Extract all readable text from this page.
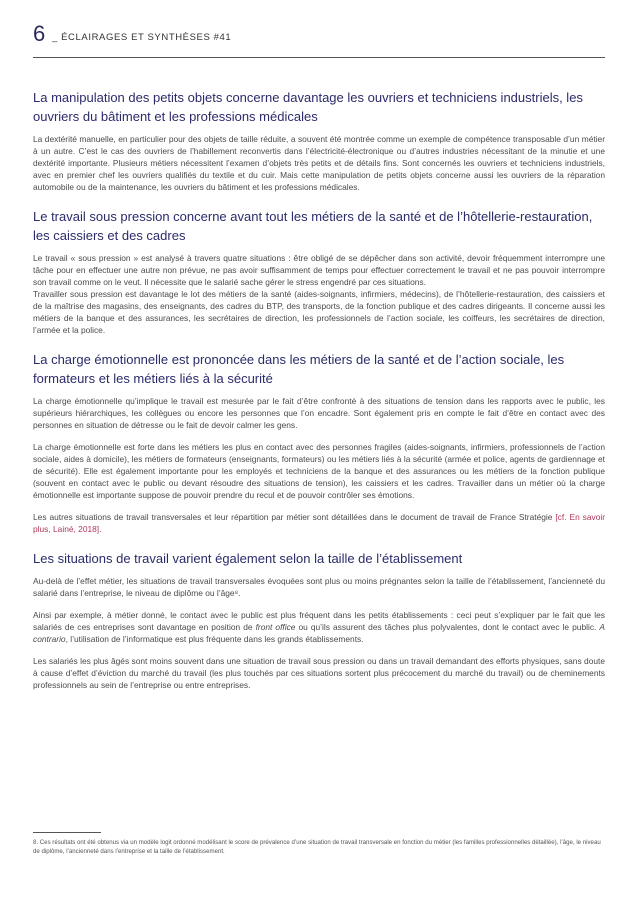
6 _ ÉCLAIRAGES ET SYNTHÈSES #41
La manipulation des petits objets concerne davantage les ouvriers et techniciens industriels, les ouvriers du bâtiment et les professions médicales

La dextérité manuelle, en particulier pour des objets de taille réduite, a souvent été montrée comme un exemple de compétence transposable d’un métier à un autre. C’est le cas des ouvriers de l’habillement reconvertis dans l’électricité-électronique ou d’autres industries nécessitant de la minutie et une dextérité importante. Plusieurs métiers nécessitent l’examen d’objets très petits et de détails fins. Sont concernés les ouvriers et techniciens industriels, avec en premier chef les ouvriers qualifiés du textile et du cuir. Mais cette manipulation de petits objets concerne aussi les ouvriers de la réparation automobile ou de la maintenance, les ouvriers du bâtiment et les professions médicales.

Le travail sous pression concerne avant tout les métiers de la santé et de l’hôtellerie-restauration, les caissiers et des cadres

Le travail « sous pression » est analysé à travers quatre situations : être obligé de se dépêcher dans son activité, devoir fréquemment interrompre une tâche pour en effectuer une autre non prévue, ne pas avoir suffisamment de temps pour effectuer correctement le travail et ne pas pouvoir interrompre son travail comme on le veut. Il nécessite que le salarié sache gérer le stress engendré par ces situations.

Travailler sous pression est davantage le lot des métiers de la santé (aides-soignants, infirmiers, médecins), de l’hôtellerie-restauration, des caissiers et de la maîtrise des magasins, des enseignants, des cadres du BTP, des transports, de la fonction publique et des cadres dirigeants. Il concerne aussi les métiers de la banque et des assurances, les secrétaires de direction, les professionnels de l’action sociale, les coiffeurs, les secrétaires de direction, l’armée et la police.

La charge émotionnelle est prononcée dans les métiers de la santé et de l’action sociale, les formateurs et les métiers liés à la sécurité

La charge émotionnelle qu’implique le travail est mesurée par le fait d’être confronté à des situations de tension dans les rapports avec le public, les supérieurs hiérarchiques, les collègues ou encore les personnes que l’on encadre. Sont également pris en compte le fait d’être en contact avec des personnes en situation de détresse ou le fait de devoir calmer les gens.

La charge émotionnelle est forte dans les métiers les plus en contact avec des personnes fragiles (aides-soignants, infirmiers, professionnels de l’action sociale, aides à domicile), les métiers de formateurs (enseignants, formateurs) ou les métiers liés à la sécurité (armée et police, agents de gardiennage et de sécurité). Elle est également importante pour les employés et techniciens de la banque et des assurances ou les métiers de la fonction publique (souvent en contact avec le public ou devant résoudre des situations de tension), les caissiers et les cadres. Travailler dans un métier où la charge émotionnelle est importante suppose de pouvoir prendre du recul et de pouvoir contrôler ses émotions.

Les autres situations de travail transversales et leur répartition par métier sont détaillées dans le document de travail de France Stratégie [cf. En savoir plus, Lainé, 2018].

Les situations de travail varient également selon la taille de l’établissement

Au-delà de l’effet métier, les situations de travail transversales évoquées sont plus ou moins prégnantes selon la taille de l’établissement, l’ancienneté du salarié dans l’entreprise, le niveau de diplôme ou l’âge⁸.

Ainsi par exemple, à métier donné, le contact avec le public est plus fréquent dans les petits établissements : ceci peut s’expliquer par le fait que les salariés de ces entreprises sont davantage en position de front office ou qu’ils assurent des tâches plus polyvalentes, dont le contact avec le public. A contrario, l’utilisation de l’informatique est plus fréquente dans les grands établissements.

Les salariés les plus âgés sont moins souvent dans une situation de travail sous pression ou dans un travail demandant des efforts physiques, sans doute à cause d’effet d’éviction du marché du travail (les plus touchés par ces situations sortent plus précocement du marché du travail) ou de cheminements professionnels au sein de l’entreprise ou entre entreprises.

8. Ces résultats ont été obtenus via un modèle logit ordonné modélisant le score de prévalence d’une situation de travail transversale en fonction du métier (les familles professionnelles détaillée), l’âge, le niveau de diplôme, l’ancienneté dans l’entreprise et la taille de l’établissement.
